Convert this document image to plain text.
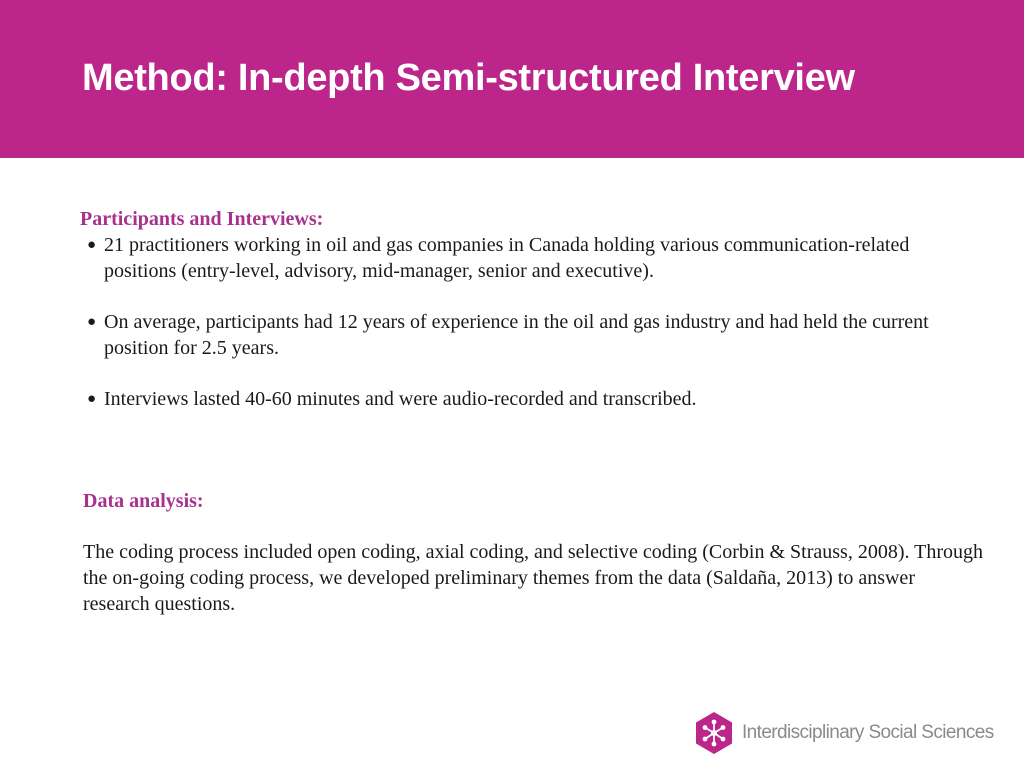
Method: In-depth Semi-structured Interview
Participants and Interviews:
● 21 practitioners working in oil and gas companies in Canada holding various communication-related positions (entry-level, advisory, mid-manager, senior and executive).
● On average, participants had 12 years of experience in the oil and gas industry and had held the current position for 2.5 years.
● Interviews lasted 40-60 minutes and were audio-recorded and transcribed.
Data analysis:

The coding process included open coding, axial coding, and selective coding (Corbin & Strauss, 2008). Through the on-going coding process, we developed preliminary themes from the data (Saldaña, 2013) to answer research questions.

Interdisciplinary Social Sciences
